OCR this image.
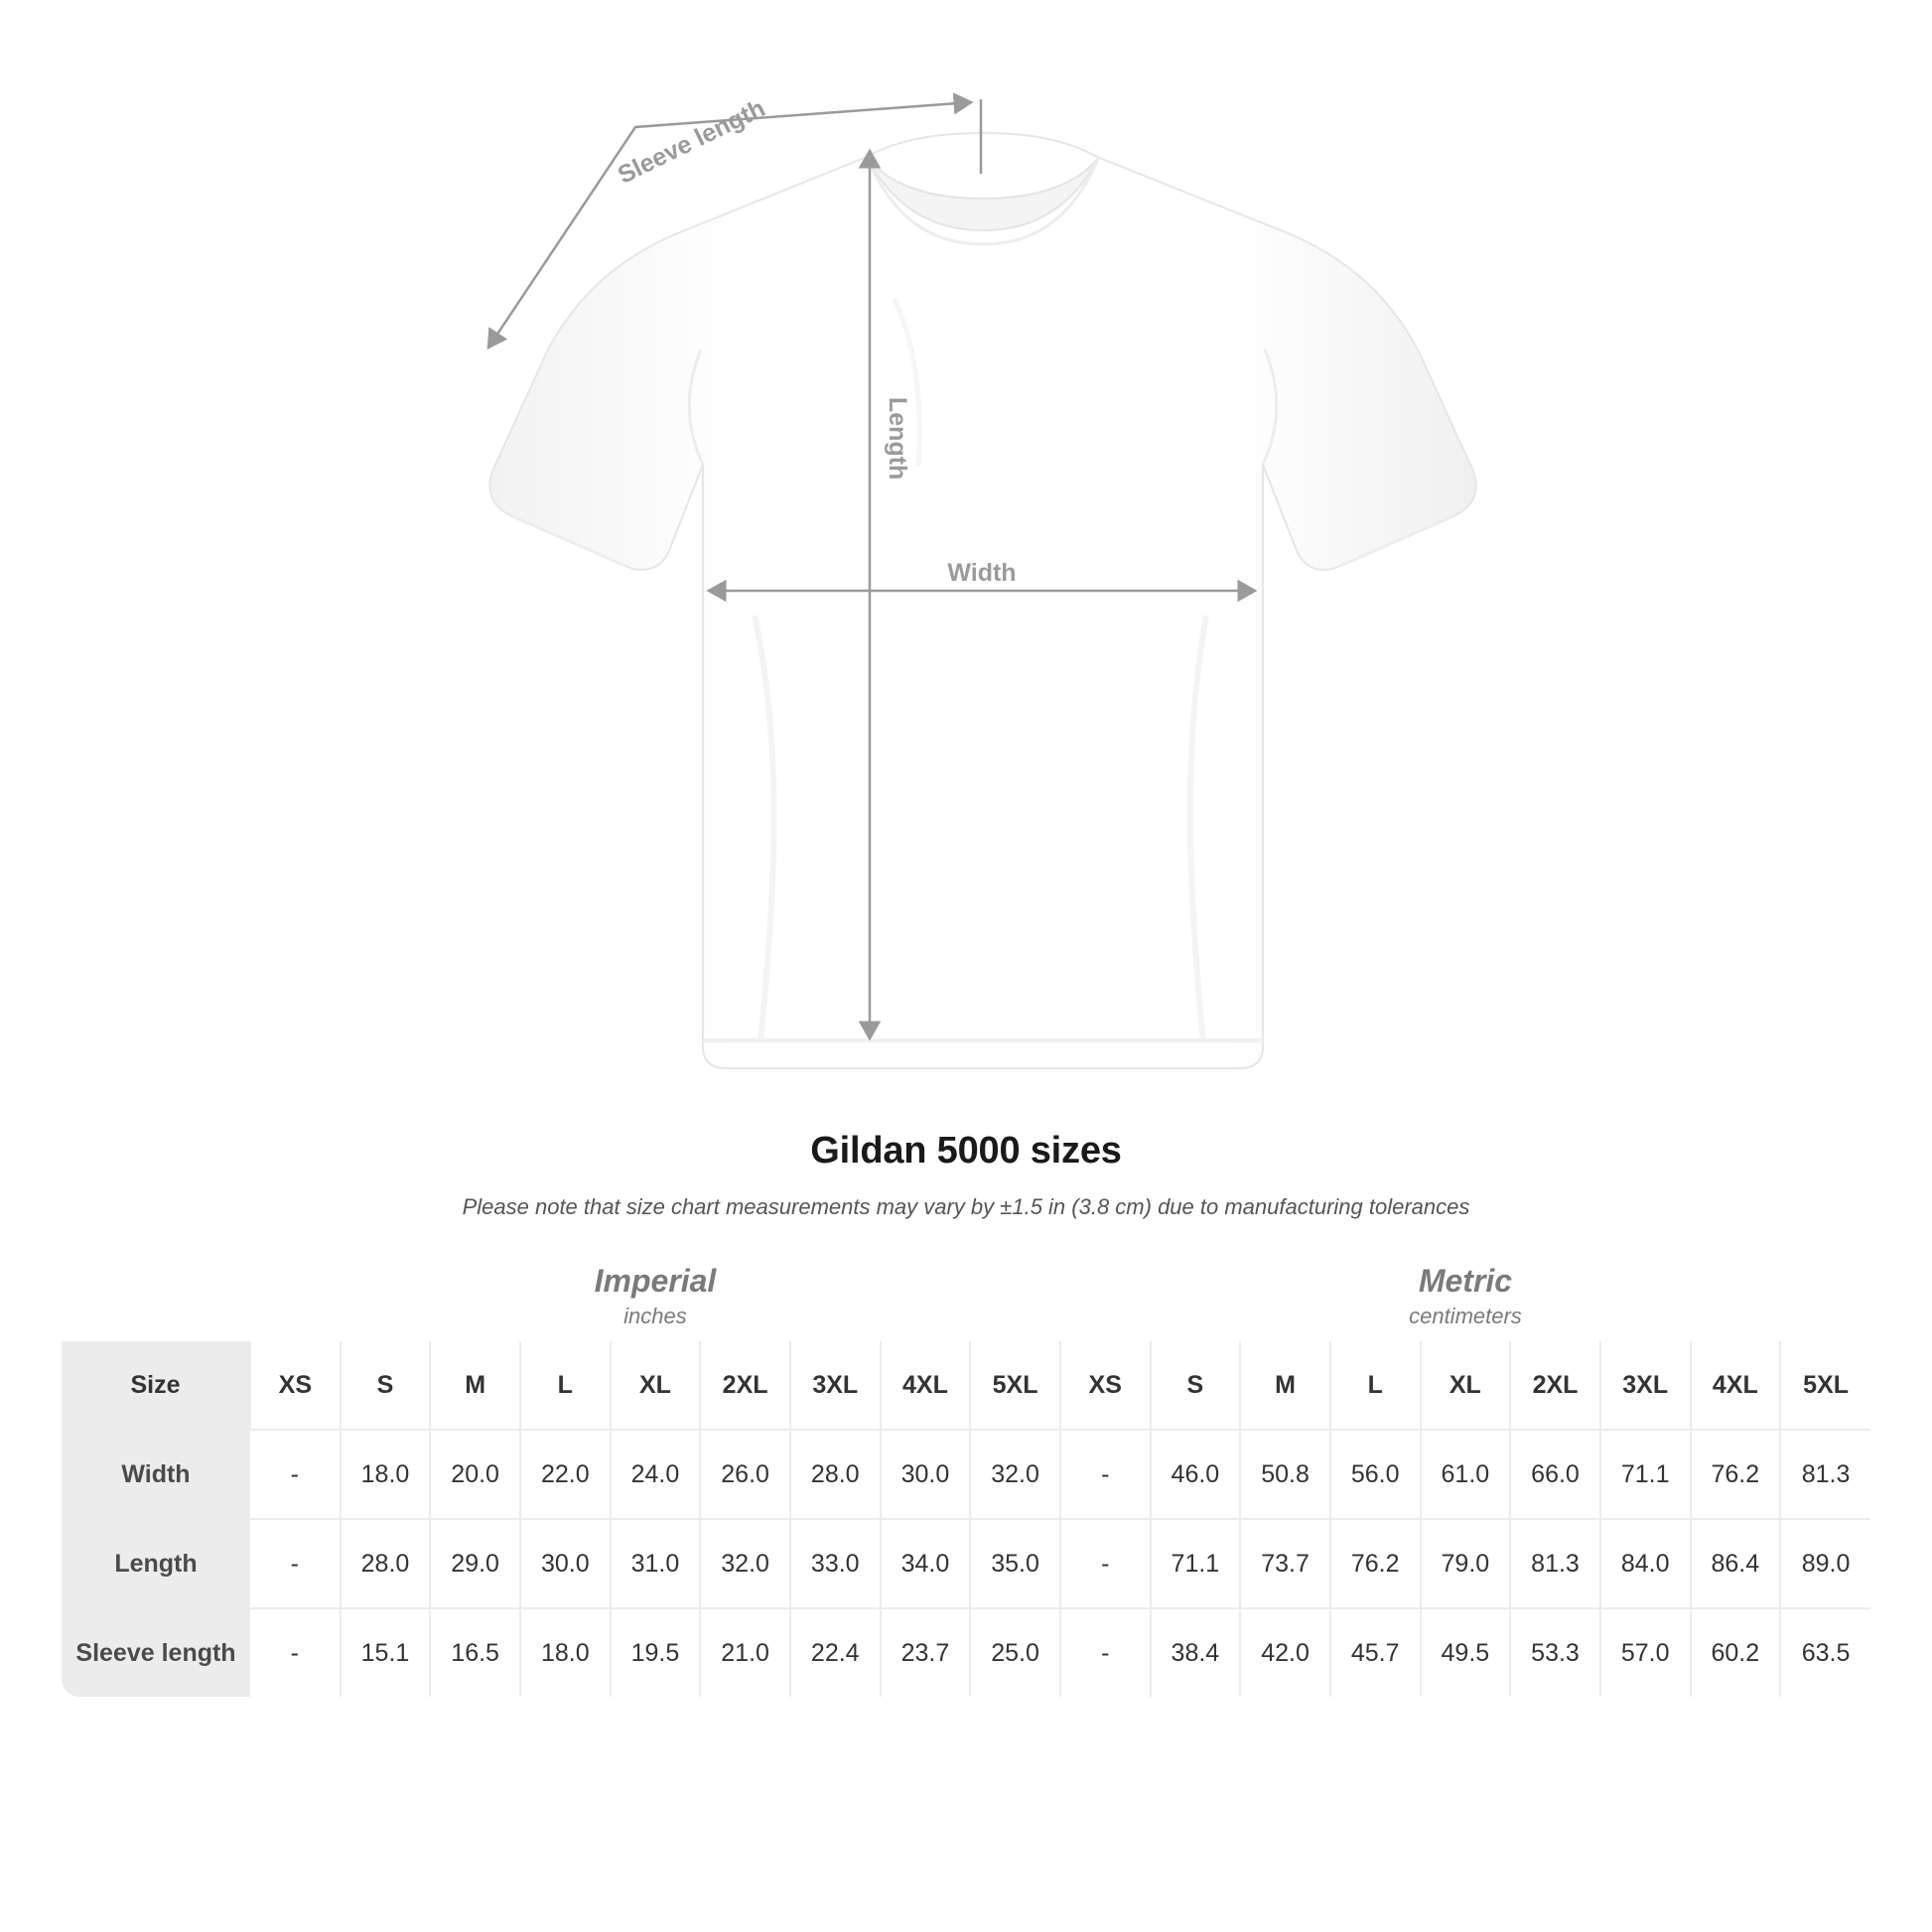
Length
Width
Sleeve length
Gildan 5000 sizes
Please note that size chart measurements may vary by ±1.5 in (3.8 cm) due to manufacturing tolerances

Imperial
inches

Metric
centimeters

Size	XS	S	M	L	XL	2XL	3XL	4XL	5XL	XS	S	M	L	XL	2XL	3XL	4XL	5XL
Width	-	18.0	20.0	22.0	24.0	26.0	28.0	30.0	32.0	-	46.0	50.8	56.0	61.0	66.0	71.1	76.2	81.3
Length	-	28.0	29.0	30.0	31.0	32.0	33.0	34.0	35.0	-	71.1	73.7	76.2	79.0	81.3	84.0	86.4	89.0
Sleeve length	-	15.1	16.5	18.0	19.5	21.0	22.4	23.7	25.0	-	38.4	42.0	45.7	49.5	53.3	57.0	60.2	63.5
